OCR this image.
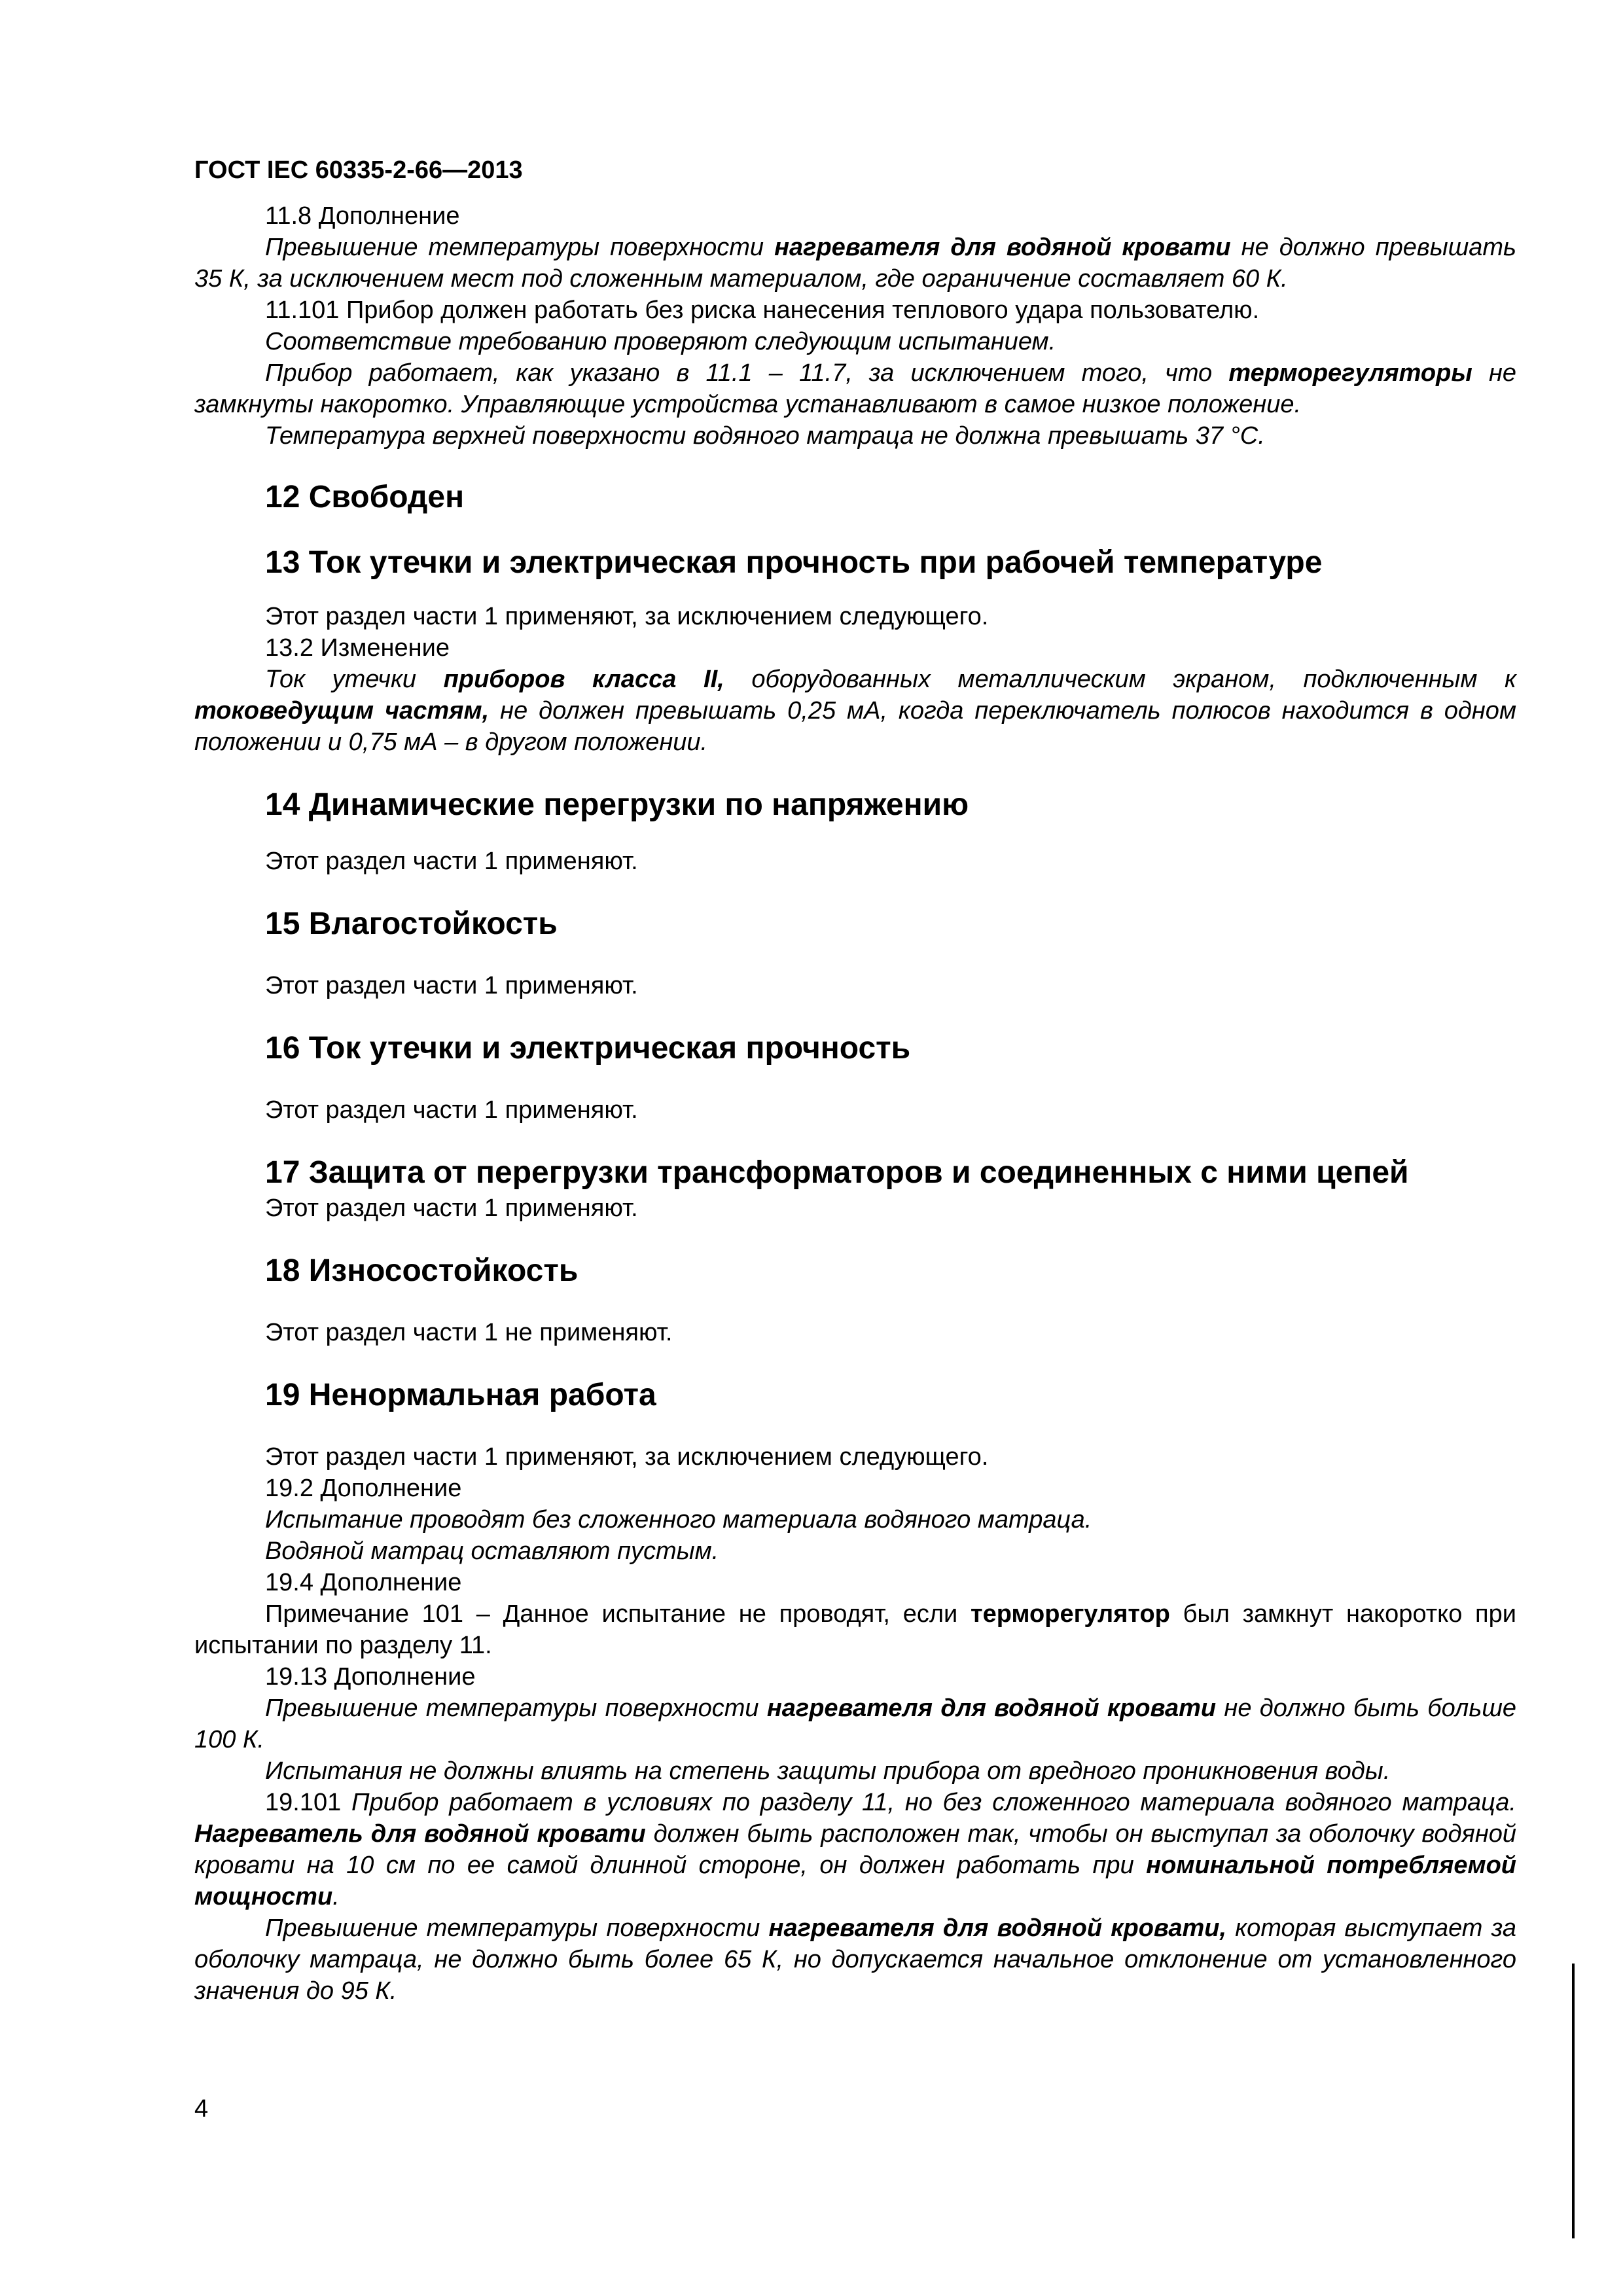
ГОСТ IEC 60335-2-66—2013

11.8 Дополнение

Превышение температуры поверхности нагревателя для водяной кровати не должно превышать 35 К, за исключением мест под сложенным материалом, где ограничение составляет 60 К.

11.101 Прибор должен работать без риска нанесения теплового удара пользователю.

Соответствие требованию проверяют следующим испытанием.

Прибор работает, как указано в 11.1 – 11.7, за исключением того, что терморегуляторы не замкнуты накоротко. Управляющие устройства устанавливают в самое низкое положение.

Температура верхней поверхности водяного матраца не должна превышать 37 °С.

12 Свободен
13 Ток утечки и электрическая прочность при рабочей температуре

Этот раздел части 1 применяют, за исключением следующего.

13.2 Изменение

Ток утечки приборов класса II, оборудованных металлическим экраном, подключенным к токоведущим частям, не должен превышать 0,25 мА, когда переключатель полюсов находится в одном положении и 0,75 мА – в другом положении.

14 Динамические перегрузки по напряжению

Этот раздел части 1 применяют.

15 Влагостойкость

Этот раздел части 1 применяют.

16 Ток утечки и электрическая прочность

Этот раздел части 1 применяют.

17 Защита от перегрузки трансформаторов и соединенных с ними цепей

Этот раздел части 1 применяют.

18 Износостойкость

Этот раздел части 1 не применяют.

19 Ненормальная работа

Этот раздел части 1 применяют, за исключением следующего.

19.2 Дополнение

Испытание проводят без сложенного материала водяного матраца.

Водяной матрац оставляют пустым.

19.4 Дополнение

Примечание 101 – Данное испытание не проводят, если терморегулятор был замкнут накоротко при испытании по разделу 11.

19.13 Дополнение

Превышение температуры поверхности нагревателя для водяной кровати не должно быть больше 100 К.

Испытания не должны влиять на степень защиты прибора от вредного проникновения воды.

19.101 Прибор работает в условиях по разделу 11, но без сложенного материала водяного матраца. Нагреватель для водяной кровати должен быть расположен так, чтобы он выступал за оболочку водяной кровати на 10 см по ее самой длинной стороне, он должен работать при номинальной потребляемой мощности.

Превышение температуры поверхности нагревателя для водяной кровати, которая выступает за оболочку матраца, не должно быть более 65 К, но допускается начальное отклонение от установленного значения до 95 К.

4
